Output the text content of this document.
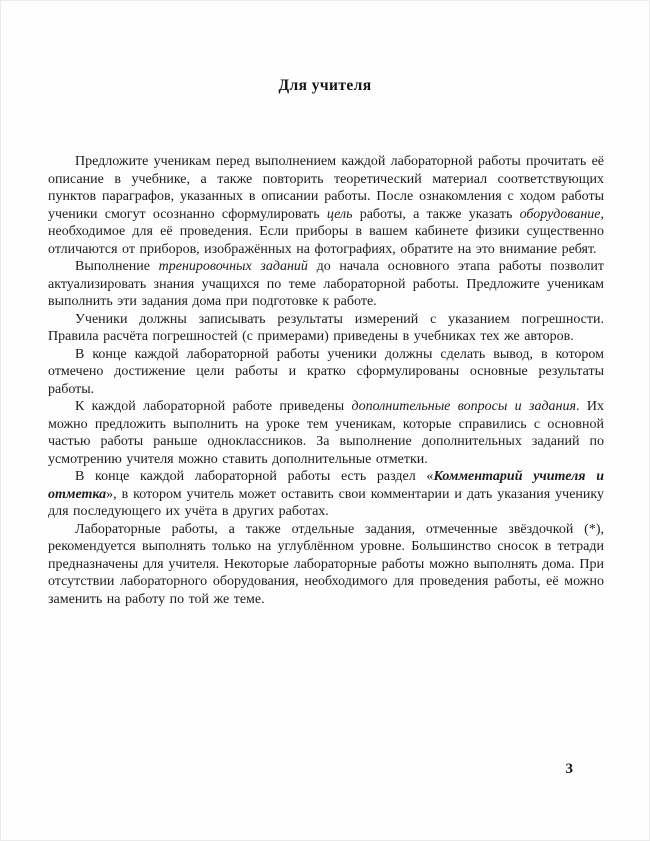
Для учителя

Предложите ученикам перед выполнением каждой лабораторной работы прочитать её описание в учебнике, а также повторить теоретический материал соответствующих пунктов параграфов, указанных в описании работы. После ознакомления с ходом работы ученики смогут осознанно сформулировать цель работы, а также указать оборудование, необходимое для её проведения. Если приборы в вашем кабинете физики существенно отличаются от приборов, изображённых на фотографиях, обратите на это внимание ребят.

Выполнение тренировочных заданий до начала основного этапа работы позволит актуализировать знания учащихся по теме лабораторной работы. Предложите ученикам выполнить эти задания дома при подготовке к работе.

Ученики должны записывать результаты измерений с указанием погрешности. Правила расчёта погрешностей (с примерами) приведены в учебниках тех же авторов.

В конце каждой лабораторной работы ученики должны сделать вывод, в котором отмечено достижение цели работы и кратко сформулированы основные результаты работы.

К каждой лабораторной работе приведены дополнительные вопросы и задания. Их можно предложить выполнить на уроке тем ученикам, которые справились с основной частью работы раньше одноклассников. За выполнение дополнительных заданий по усмотрению учителя можно ставить дополнительные отметки.

В конце каждой лабораторной работы есть раздел «Комментарий учителя и отметка», в котором учитель может оставить свои комментарии и дать указания ученику для последующего их учёта в других работах.

Лабораторные работы, а также отдельные задания, отмеченные звёздочкой (*), рекомендуется выполнять только на углублённом уровне. Большинство сносок в тетради предназначены для учителя. Некоторые лабораторные работы можно выполнять дома. При отсутствии лабораторного оборудования, необходимого для проведения работы, её можно заменить на работу по той же теме.

3
